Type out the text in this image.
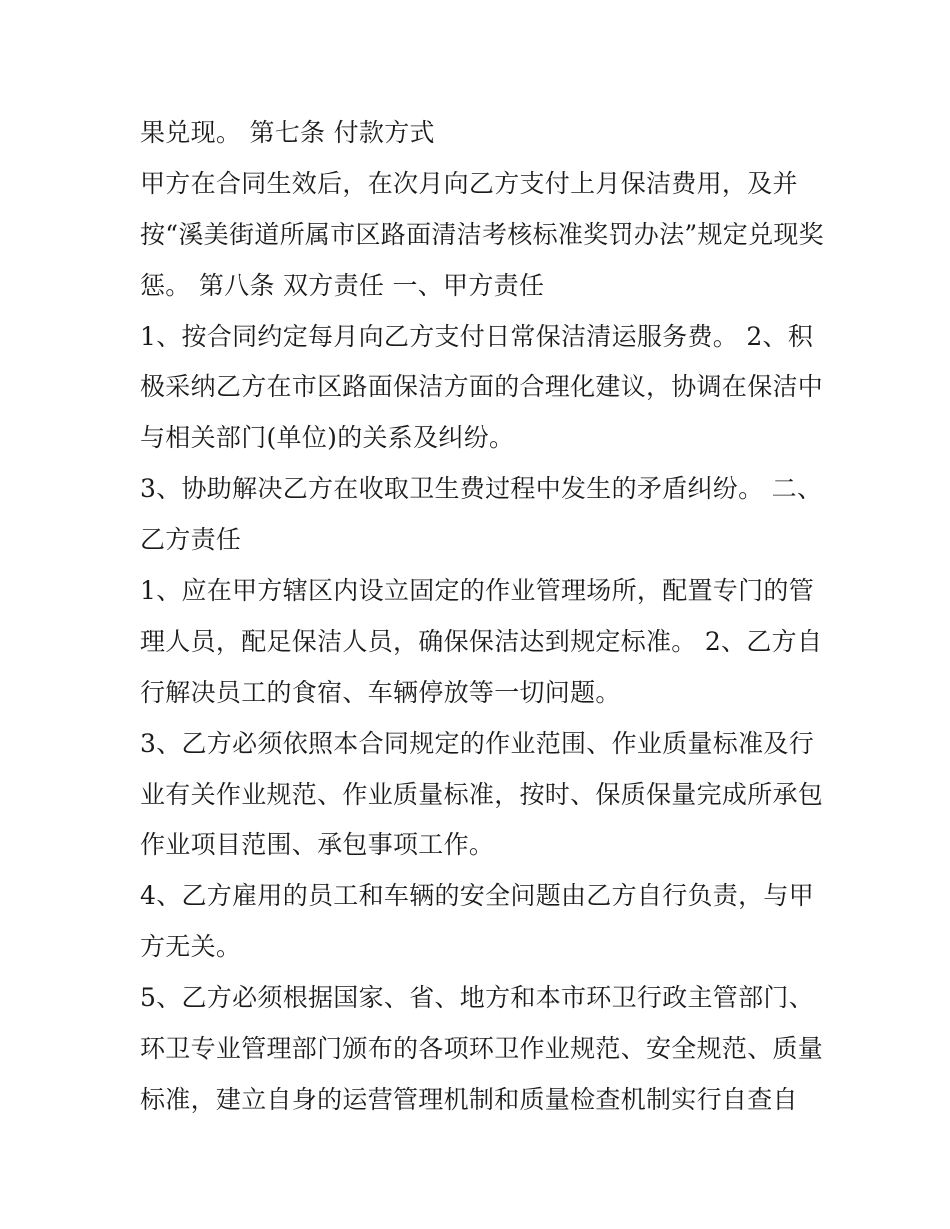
果兑现。 第七条 付款方式
甲方在合同生效后，在次月向乙方支付上月保洁费用，及并
按“溪美街道所属市区路面清洁考核标准奖罚办法”规定兑现奖
惩。 第八条 双方责任 一、甲方责任
1、按合同约定每月向乙方支付日常保洁清运服务费。 2、积
极采纳乙方在市区路面保洁方面的合理化建议，协调在保洁中
与相关部门(单位)的关系及纠纷。
3、协助解决乙方在收取卫生费过程中发生的矛盾纠纷。 二、
乙方责任
1、应在甲方辖区内设立固定的作业管理场所，配置专门的管
理人员，配足保洁人员，确保保洁达到规定标准。 2、乙方自
行解决员工的食宿、车辆停放等一切问题。
3、乙方必须依照本合同规定的作业范围、作业质量标准及行
业有关作业规范、作业质量标准，按时、保质保量完成所承包
作业项目范围、承包事项工作。
4、乙方雇用的员工和车辆的安全问题由乙方自行负责，与甲
方无关。
5、乙方必须根据国家、省、地方和本市环卫行政主管部门、
环卫专业管理部门颁布的各项环卫作业规范、安全规范、质量
标准，建立自身的运营管理机制和质量检查机制实行自查自
